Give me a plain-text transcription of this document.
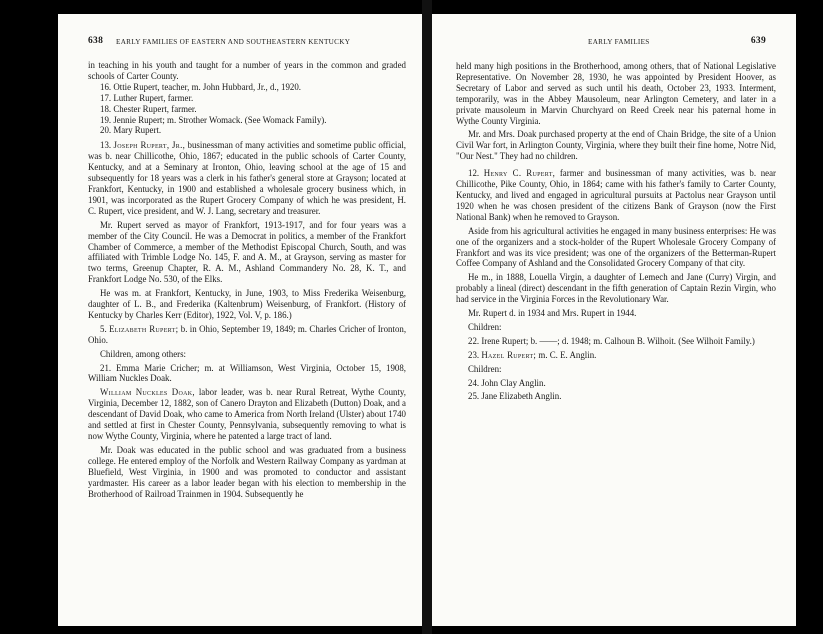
638 EARLY FAMILIES OF EASTERN AND SOUTHEASTERN KENTUCKY

in teaching in his youth and taught for a number of years in the common and graded schools of Carter County.

16. Ottie Rupert, teacher, m. John Hubbard, Jr., d., 1920.
17. Luther Rupert, farmer.
18. Chester Rupert, farmer.
19. Jennie Rupert; m. Strother Womack. (See Womack Family).
20. Mary Rupert.

13. Joseph Rupert, Jr., businessman of many activities and sometime public official, was b. near Chillicothe, Ohio, 1867; educated in the public schools of Carter County, Kentucky, and at a Seminary at Ironton, Ohio, leaving school at the age of 15 and subsequently for 18 years was a clerk in his father's general store at Grayson; located at Frankfort, Kentucky, in 1900 and established a wholesale grocery business which, in 1901, was incorporated as the Rupert Grocery Company of which he was president, H. C. Rupert, vice president, and W. J. Lang, secretary and treasurer.

Mr. Rupert served as mayor of Frankfort, 1913-1917, and for four years was a member of the City Council. He was a Democrat in politics, a member of the Frankfort Chamber of Commerce, a member of the Methodist Episcopal Church, South, and was affiliated with Trimble Lodge No. 145, F. and A. M., at Grayson, serving as master for two terms, Greenup Chapter, R. A. M., Ashland Commandery No. 28, K. T., and Frankfort Lodge No. 530, of the Elks.

He was m. at Frankfort, Kentucky, in June, 1903, to Miss Frederika Weisenburg, daughter of L. B., and Frederika (Kaltenbrum) Weisenburg, of Frankfort. (History of Kentucky by Charles Kerr (Editor), 1922, Vol. V, p. 186.)

5. Elizabeth Rupert; b. in Ohio, September 19, 1849; m. Charles Cricher of Ironton, Ohio.

Children, among others:

21. Emma Marie Cricher; m. at Williamson, West Virginia, October 15, 1908, William Nuckles Doak.

William Nuckles Doak, labor leader, was b. near Rural Retreat, Wythe County, Virginia, December 12, 1882, son of Canero Drayton and Elizabeth (Dutton) Doak, and a descendant of David Doak, who came to America from North Ireland (Ulster) about 1740 and settled at first in Chester County, Pennsylvania, subsequently removing to what is now Wythe County, Virginia, where he patented a large tract of land.

Mr. Doak was educated in the public school and was graduated from a business college. He entered employ of the Norfolk and Western Railway Company as yardman at Bluefield, West Virginia, in 1900 and was promoted to conductor and assistant yardmaster. His career as a labor leader began with his election to membership in the Brotherhood of Railroad Trainmen in 1904. Subsequently he

EARLY FAMILIES	639

held many high positions in the Brotherhood, among others, that of National Legislative Representative. On November 28, 1930, he was appointed by President Hoover, as Secretary of Labor and served as such until his death, October 23, 1933. Interment, temporarily, was in the Abbey Mausoleum, near Arlington Cemetery, and later in a private mausoleum in Marvin Churchyard on Reed Creek near his paternal home in Wythe County Virginia.

Mr. and Mrs. Doak purchased property at the end of Chain Bridge, the site of a Union Civil War fort, in Arlington County, Virginia, where they built their fine home, Notre Nid, "Our Nest." They had no children.

12. Henry C. Rupert, farmer and businessman of many activities, was b. near Chillicothe, Pike County, Ohio, in 1864; came with his father's family to Carter County, Kentucky, and lived and engaged in agricultural pursuits at Pactolus near Grayson until 1920 when he was chosen president of the citizens Bank of Grayson (now the First National Bank) when he removed to Grayson.

Aside from his agricultural activities he engaged in many business enterprises: He was one of the organizers and a stock-holder of the Rupert Wholesale Grocery Company of Frankfort and was its vice president; was one of the organizers of the Betterman-Rupert Coffee Company of Ashland and the Consolidated Grocery Company of that city.

He m., in 1888, Louella Virgin, a daughter of Lemech and Jane (Curry) Virgin, and probably a lineal (direct) descendant in the fifth generation of Captain Rezin Virgin, who had service in the Virginia Forces in the Revolutionary War.

Mr. Rupert d. in 1934 and Mrs. Rupert in 1944.

Children:

22. Irene Rupert; b. ——; d. 1948; m. Calhoun B. Wilhoit. (See Wilhoit Family.)

23. Hazel Rupert; m. C. E. Anglin.

Children:

24. John Clay Anglin.

25. Jane Elizabeth Anglin.
